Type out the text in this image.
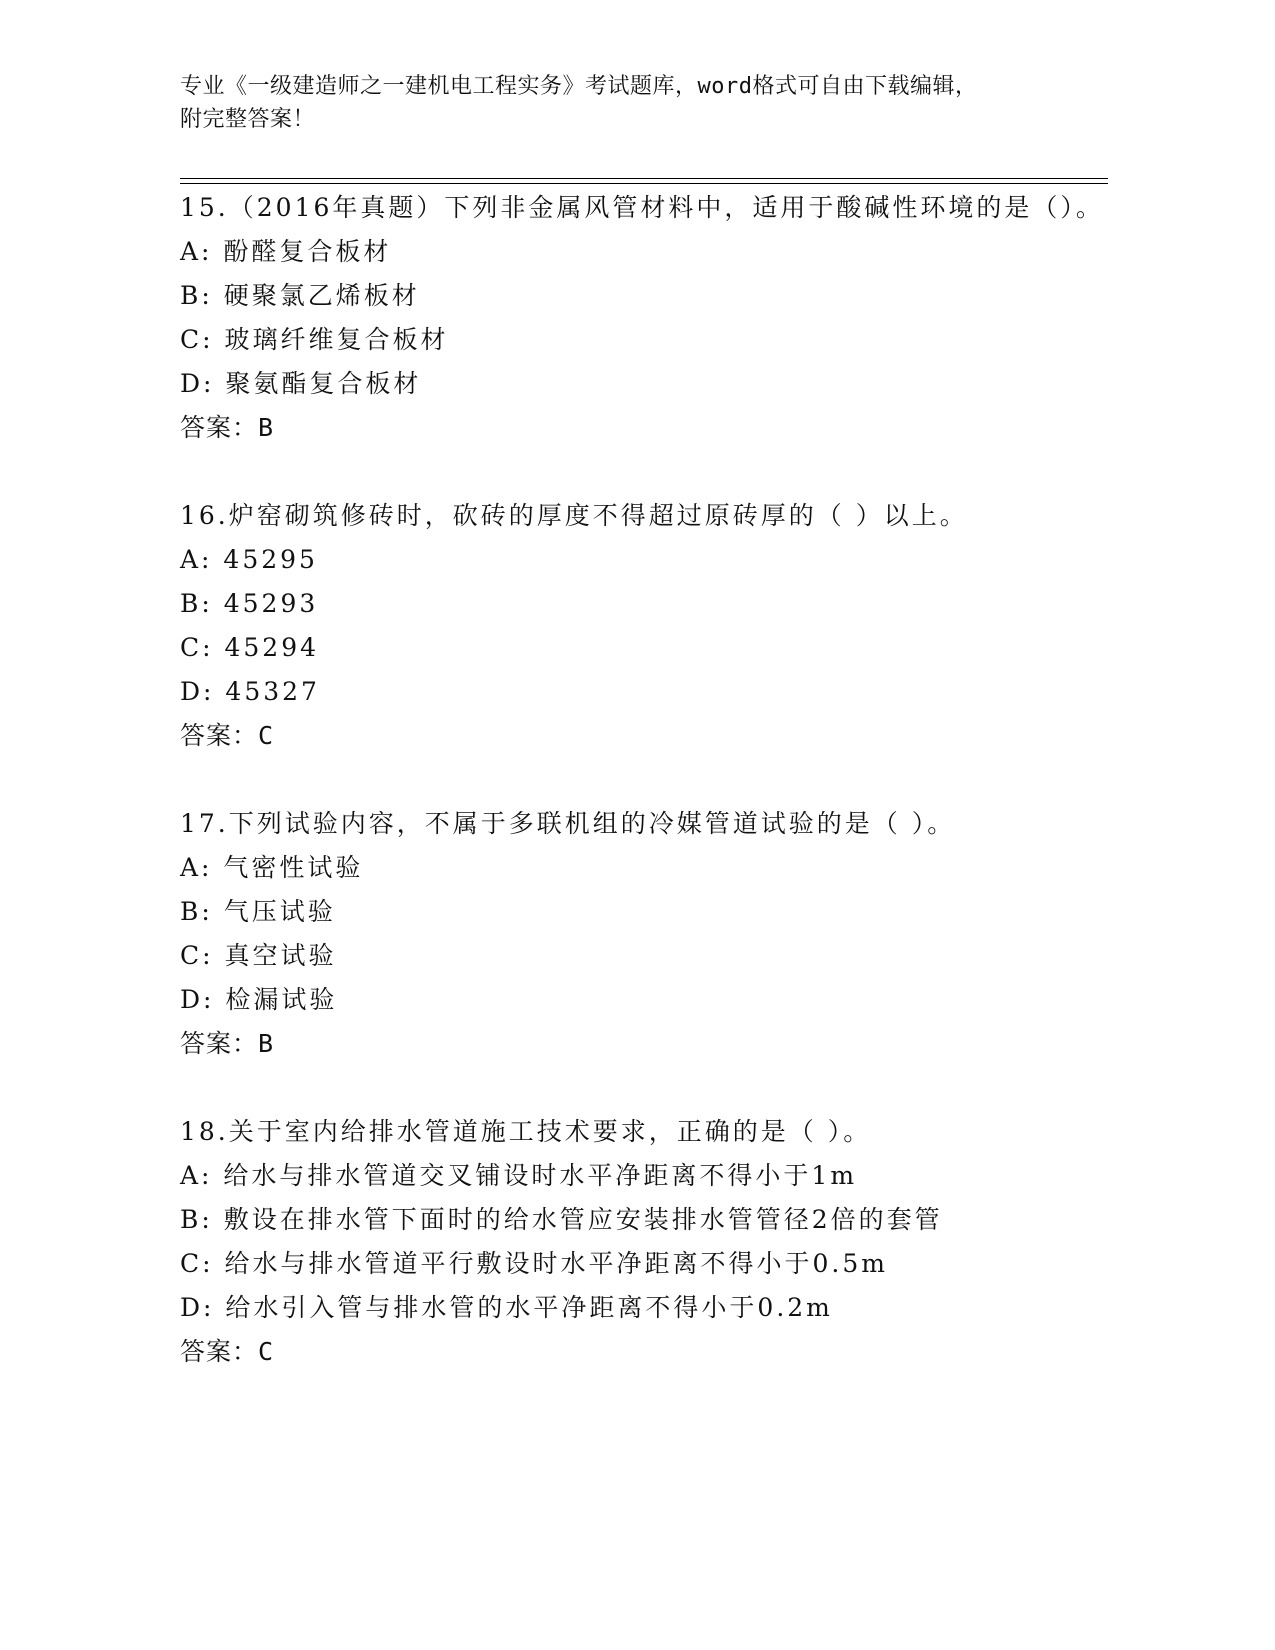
专业《一级建造师之一建机电工程实务》考试题库，word格式可自由下载编辑，
附完整答案！
15.（2016年真题）下列非金属风管材料中，适用于酸碱性环境的是（）。
A: 酚醛复合板材
B: 硬聚氯乙烯板材
C: 玻璃纤维复合板材
D: 聚氨酯复合板材
答案：B
16.炉窑砌筑修砖时，砍砖的厚度不得超过原砖厚的（ ）以上。
A: 45295
B: 45293
C: 45294
D: 45327
答案：C
17.下列试验内容，不属于多联机组的冷媒管道试验的是（ ）。
A: 气密性试验
B: 气压试验
C: 真空试验
D: 检漏试验
答案：B
18.关于室内给排水管道施工技术要求，正确的是（ ）。
A: 给水与排水管道交叉铺设时水平净距离不得小于1m
B: 敷设在排水管下面时的给水管应安装排水管管径2倍的套管
C: 给水与排水管道平行敷设时水平净距离不得小于0.5m
D: 给水引入管与排水管的水平净距离不得小于0.2m
答案：C
